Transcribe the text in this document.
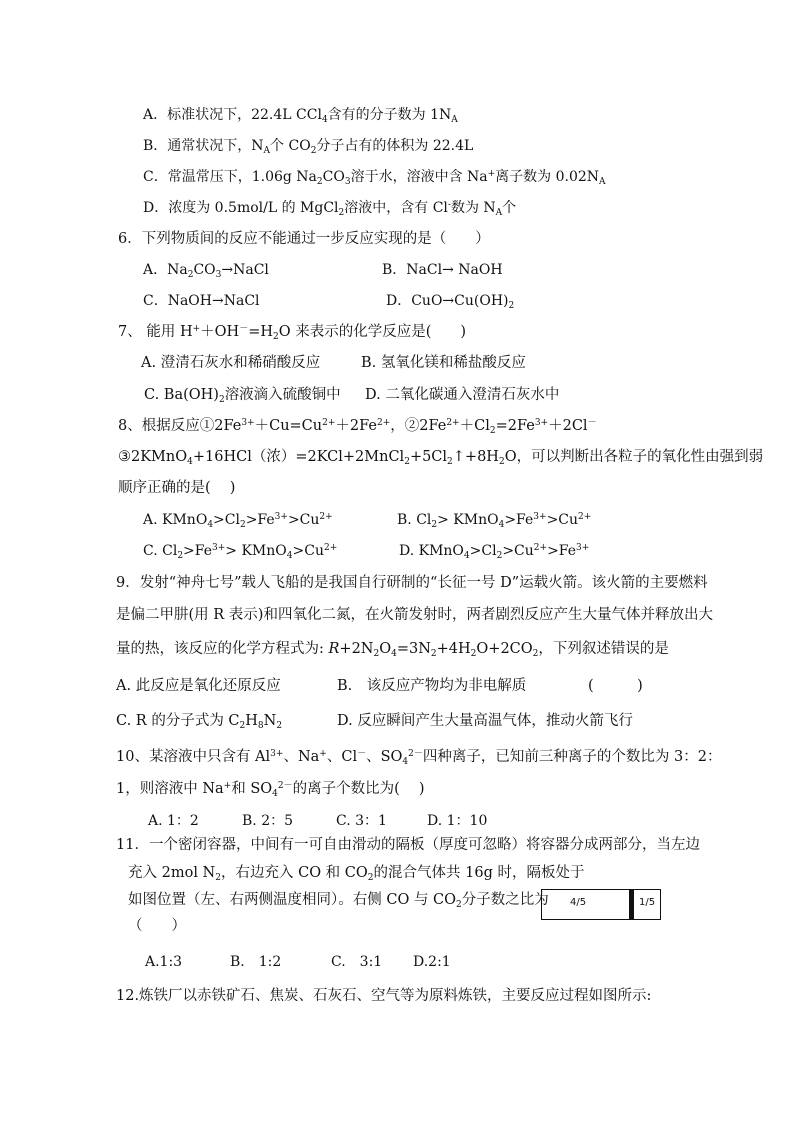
A．标准状况下，22.4L CCl$_4$含有的分子数为 $1N_A$
B．通常状况下，$N_A$个 $CO_2$分子占有的体积为 22.4L
C．常温常压下，1.06g $Na_2CO_3$溶于水，溶液中含 Na+离子数为 $0.02N_A$
D．浓度为 0.5mol/L 的 MgCl$_2$溶液中，含有 Cl-数为 $N_A$个
6．下列物质间的反应不能通过一步反应实现的是（　　）
A．$Na_2CO_3\to NaCl$	B．NaCl→ NaOH
C．NaOH→NaCl	D．$CuO\to Cu(OH)_2$
7、 能用 $H^++OH^-=H_2O$ 来表示的化学反应是(　　)
A. 澄清石灰水和稀硝酸反应	B. 氢氧化镁和稀盐酸反应
C. $Ba(OH)_2$溶液滴入硫酸铜中 D. 二氧化碳通入澄清石灰水中
8、根据反应$①2Fe^{3+}+Cu=Cu^{2+}+2Fe^{2+}$，$②2Fe^{2+}+Cl_2=2Fe^{3+}+2Cl^-$
③2KMnO$_4$+16HCl（浓）$=2KCl+2MnCl_2+5Cl_2↑+8H_2O$，可以判断出各粒子的氧化性由强到弱
顺序正确的是(　 )
A. $KMnO_4>Cl_2>Fe^{3+}>Cu^{2+}$	B. $Cl_2>$ $KMnO_4>Fe^{3+}>Cu^{2+}$
C. $Cl_2>Fe^{3+}>$ $KMnO_4>Cu^{2+}$	D. $KMnO_4>Cl_2>Cu^{2+}>Fe^{3+}$
9．发射“神舟七号”载人飞船的是我国自行研制的“长征一号 D”运载火箭。该火箭的主要燃料
是偏二甲肼(用 R 表示)和四氧化二氮，在火箭发射时，两者剧烈反应产生大量气体并释放出大
量的热，该反应的化学方程式为: $R+2N_2O_4=3N_2+4H_2O+2CO_2$，下列叙述错误的是
A. 此反应是氧化还原反应	B.　该反应产物均为非电解质	(　　　)
C. R 的分子式为 $C_2H_8N_2$	D. 反应瞬间产生大量高温气体，推动火箭飞行
10、某溶液中只含有 $Al^{3+}$、Na+、Cl－、$SO_4^{2-}$四种离子，已知前三种离子的个数比为 3：2：
1，则溶液中 Na+和 $SO_4^{2-}$的离子个数比为(　 )
A. 1：2	B. 2：5	C. 3：1	D. 1：10
11．一个密闭容器，中间有一可自由滑动的隔板（厚度可忽略）将容器分成两部分，当左边
充入 2mol $N_2$，右边充入 CO 和 $CO_2$的混合气体共 16g 时，隔板处于
如图位置（左、右两侧温度相同）。右侧 CO 与 $CO_2$分子数之比为
（　　）
4/5	1/5
A.1:3	B.　1:2	C.　3:1 D.2:1
12.炼铁厂以赤铁矿石、焦炭、石灰石、空气等为原料炼铁，主要反应过程如图所示:
